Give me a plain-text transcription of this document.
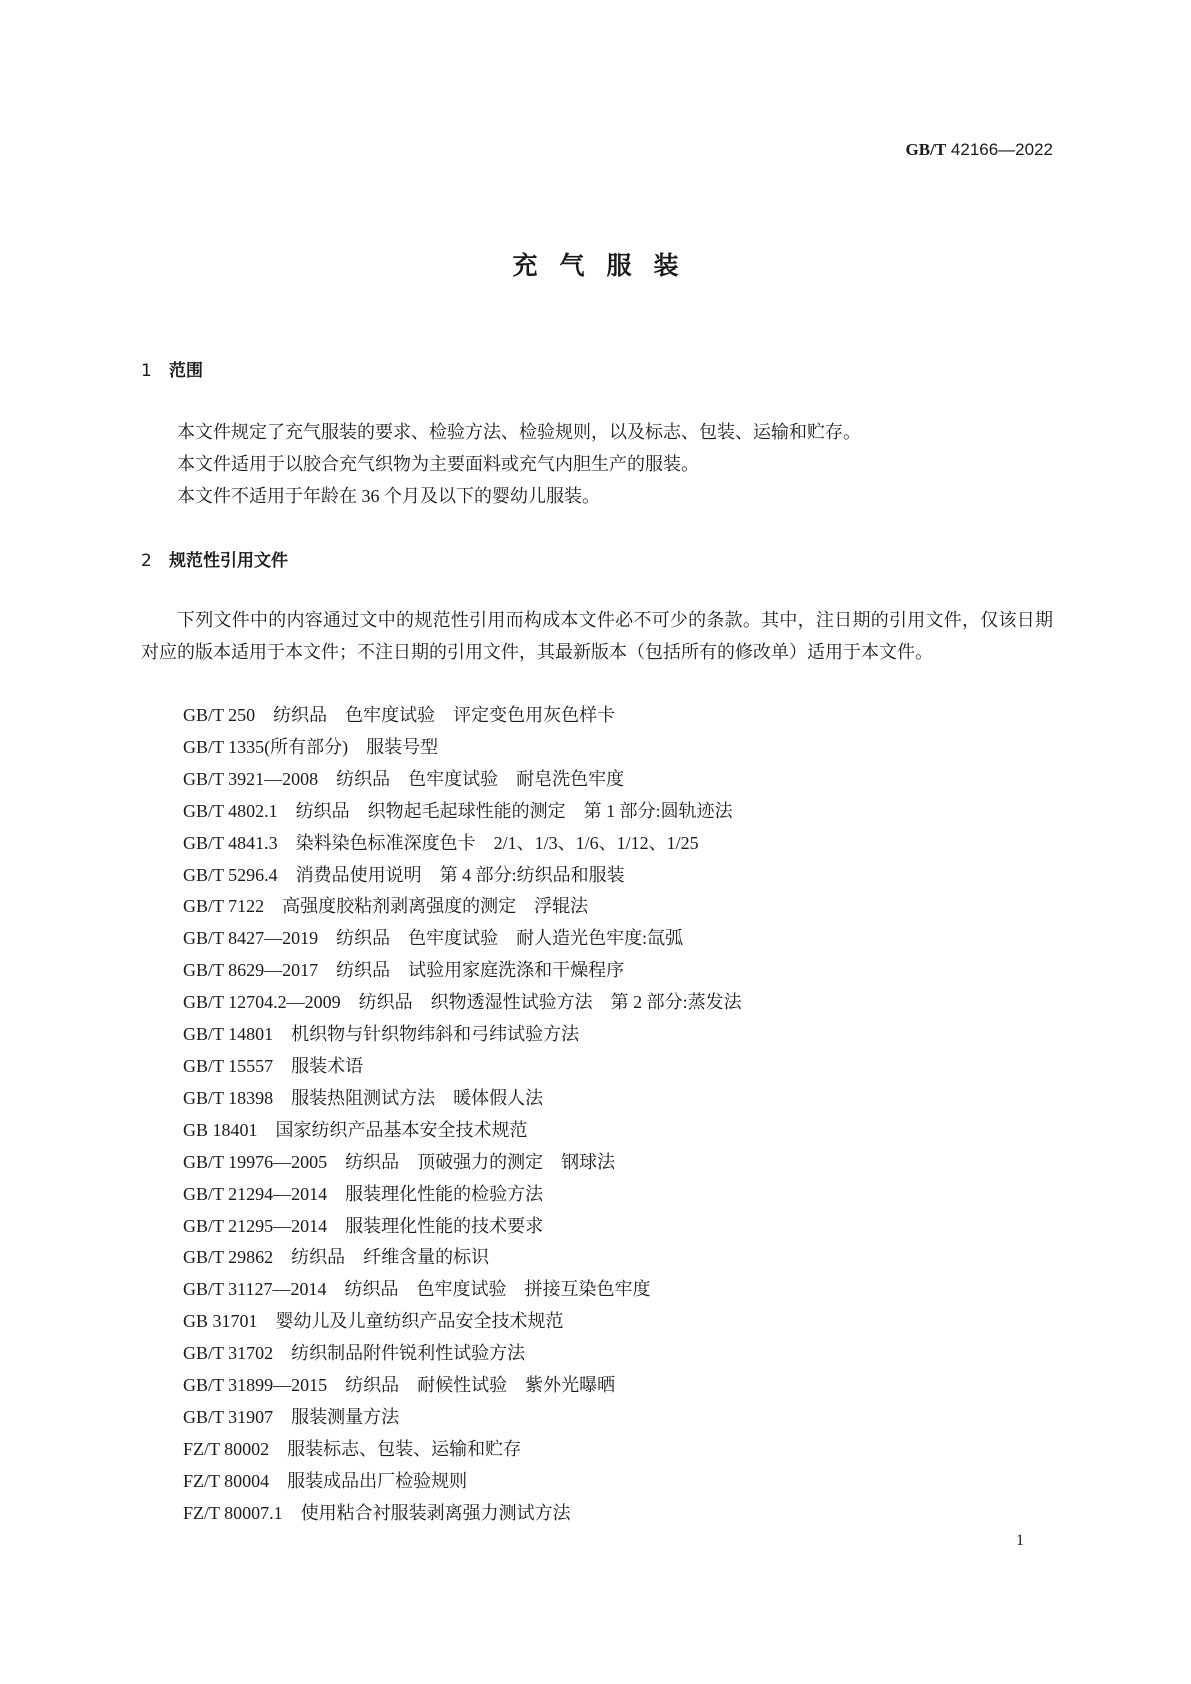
GB/T 42166—2022
充气服装
1 范围

本文件规定了充气服装的要求、检验方法、检验规则，以及标志、包装、运输和贮存。

本文件适用于以胶合充气织物为主要面料或充气内胆生产的服装。

本文件不适用于年龄在 36 个月及以下的婴幼儿服装。

2 规范性引用文件

下列文件中的内容通过文中的规范性引用而构成本文件必不可少的条款。其中，注日期的引用文件，仅该日期对应的版本适用于本文件；不注日期的引用文件，其最新版本（包括所有的修改单）适用于本文件。

GB/T 250　纺织品　色牢度试验　评定变色用灰色样卡
GB/T 1335(所有部分)　服装号型
GB/T 3921—2008　纺织品　色牢度试验　耐皂洗色牢度
GB/T 4802.1　纺织品　织物起毛起球性能的测定　第 1 部分:圆轨迹法
GB/T 4841.3　染料染色标准深度色卡　2/1、1/3、1/6、1/12、1/25
GB/T 5296.4　消费品使用说明　第 4 部分:纺织品和服装
GB/T 7122　高强度胶粘剂剥离强度的测定　浮辊法
GB/T 8427—2019　纺织品　色牢度试验　耐人造光色牢度:氙弧
GB/T 8629—2017　纺织品　试验用家庭洗涤和干燥程序
GB/T 12704.2—2009　纺织品　织物透湿性试验方法　第 2 部分:蒸发法
GB/T 14801　机织物与针织物纬斜和弓纬试验方法
GB/T 15557　服装术语
GB/T 18398　服装热阻测试方法　暖体假人法
GB 18401　国家纺织产品基本安全技术规范
GB/T 19976—2005　纺织品　顶破强力的测定　钢球法
GB/T 21294—2014　服装理化性能的检验方法
GB/T 21295—2014　服装理化性能的技术要求
GB/T 29862　纺织品　纤维含量的标识
GB/T 31127—2014　纺织品　色牢度试验　拼接互染色牢度
GB 31701　婴幼儿及儿童纺织产品安全技术规范
GB/T 31702　纺织制品附件锐利性试验方法
GB/T 31899—2015　纺织品　耐候性试验　紫外光曝晒
GB/T 31907　服装测量方法
FZ/T 80002　服装标志、包装、运输和贮存
FZ/T 80004　服装成品出厂检验规则
FZ/T 80007.1　使用粘合衬服装剥离强力测试方法
1
